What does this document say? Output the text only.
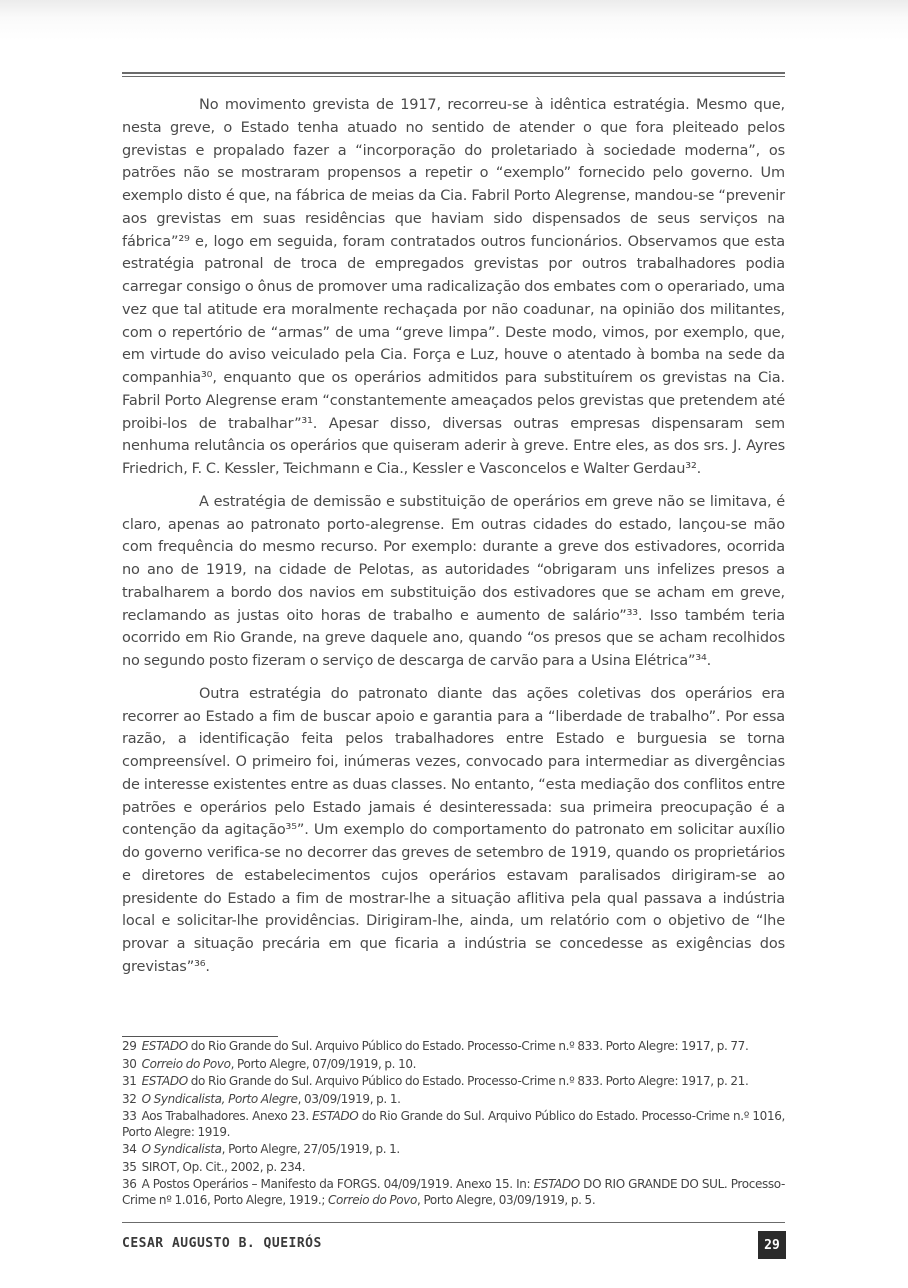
No movimento grevista de 1917, recorreu-se à idêntica estratégia. Mesmo que, nesta greve, o Estado tenha atuado no sentido de atender o que fora pleiteado pelos grevistas e propalado fazer a “incorporação do proletariado à sociedade moderna”, os patrões não se mostraram propensos a repetir o “exemplo” fornecido pelo governo. Um exemplo disto é que, na fábrica de meias da Cia. Fabril Porto Alegrense, mandou-se “prevenir aos grevistas em suas residências que haviam sido dispensados de seus serviços na fábrica”²⁹ e, logo em seguida, foram contratados outros funcionários. Observamos que esta estratégia patronal de troca de empregados grevistas por outros trabalhadores podia carregar consigo o ônus de promover uma radicalização dos embates com o operariado, uma vez que tal atitude era moralmente rechaçada por não coadunar, na opinião dos militantes, com o repertório de “armas” de uma “greve limpa”. Deste modo, vimos, por exemplo, que, em virtude do aviso veiculado pela Cia. Força e Luz, houve o atentado à bomba na sede da companhia³⁰, enquanto que os operários admitidos para substituírem os grevistas na Cia. Fabril Porto Alegrense eram “constantemente ameaçados pelos grevistas que pretendem até proibi-los de trabalhar”³¹. Apesar disso, diversas outras empresas dispensaram sem nenhuma relutância os operários que quiseram aderir à greve. Entre eles, as dos srs. J. Ayres Friedrich, F. C. Kessler, Teichmann e Cia., Kessler e Vasconcelos e Walter Gerdau³².

A estratégia de demissão e substituição de operários em greve não se limitava, é claro, apenas ao patronato porto-alegrense. Em outras cidades do estado, lançou-se mão com frequência do mesmo recurso. Por exemplo: durante a greve dos estivadores, ocorrida no ano de 1919, na cidade de Pelotas, as autoridades “obrigaram uns infelizes presos a trabalharem a bordo dos navios em substituição dos estivadores que se acham em greve, reclamando as justas oito horas de trabalho e aumento de salário”³³. Isso também teria ocorrido em Rio Grande, na greve daquele ano, quando “os presos que se acham recolhidos no segundo posto fizeram o serviço de descarga de carvão para a Usina Elétrica”³⁴.

Outra estratégia do patronato diante das ações coletivas dos operários era recorrer ao Estado a fim de buscar apoio e garantia para a “liberdade de trabalho”. Por essa razão, a identificação feita pelos trabalhadores entre Estado e burguesia se torna compreensível. O primeiro foi, inúmeras vezes, convocado para intermediar as divergências de interesse existentes entre as duas classes. No entanto, “esta mediação dos conflitos entre patrões e operários pelo Estado jamais é desinteressada: sua primeira preocupação é a contenção da agitação³⁵”. Um exemplo do comportamento do patronato em solicitar auxílio do governo verifica-se no decorrer das greves de setembro de 1919, quando os proprietários e diretores de estabelecimentos cujos operários estavam paralisados dirigiram-se ao presidente do Estado a fim de mostrar-lhe a situação aflitiva pela qual passava a indústria local e solicitar-lhe providências. Dirigiram-lhe, ainda, um relatório com o objetivo de “lhe provar a situação precária em que ficaria a indústria se concedesse as exigências dos grevistas”³⁶.

29 ESTADO do Rio Grande do Sul. Arquivo Público do Estado. Processo-Crime n.º 833. Porto Alegre: 1917, p. 77.

30 Correio do Povo, Porto Alegre, 07/09/1919, p. 10.

31 ESTADO do Rio Grande do Sul. Arquivo Público do Estado. Processo-Crime n.º 833. Porto Alegre: 1917, p. 21.

32 O Syndicalista, Porto Alegre, 03/09/1919, p. 1.

33 Aos Trabalhadores. Anexo 23. ESTADO do Rio Grande do Sul. Arquivo Público do Estado. Processo-Crime n.º 1016, Porto Alegre: 1919.

34 O Syndicalista, Porto Alegre, 27/05/1919, p. 1.

35 SIROT, Op. Cit., 2002, p. 234.

36 A Postos Operários – Manifesto da FORGS. 04/09/1919. Anexo 15. In: ESTADO DO RIO GRANDE DO SUL. Processo-Crime nº 1.016, Porto Alegre, 1919.; Correio do Povo, Porto Alegre, 03/09/1919, p. 5.

CESAR AUGUSTO B. QUEIRÓS	29
